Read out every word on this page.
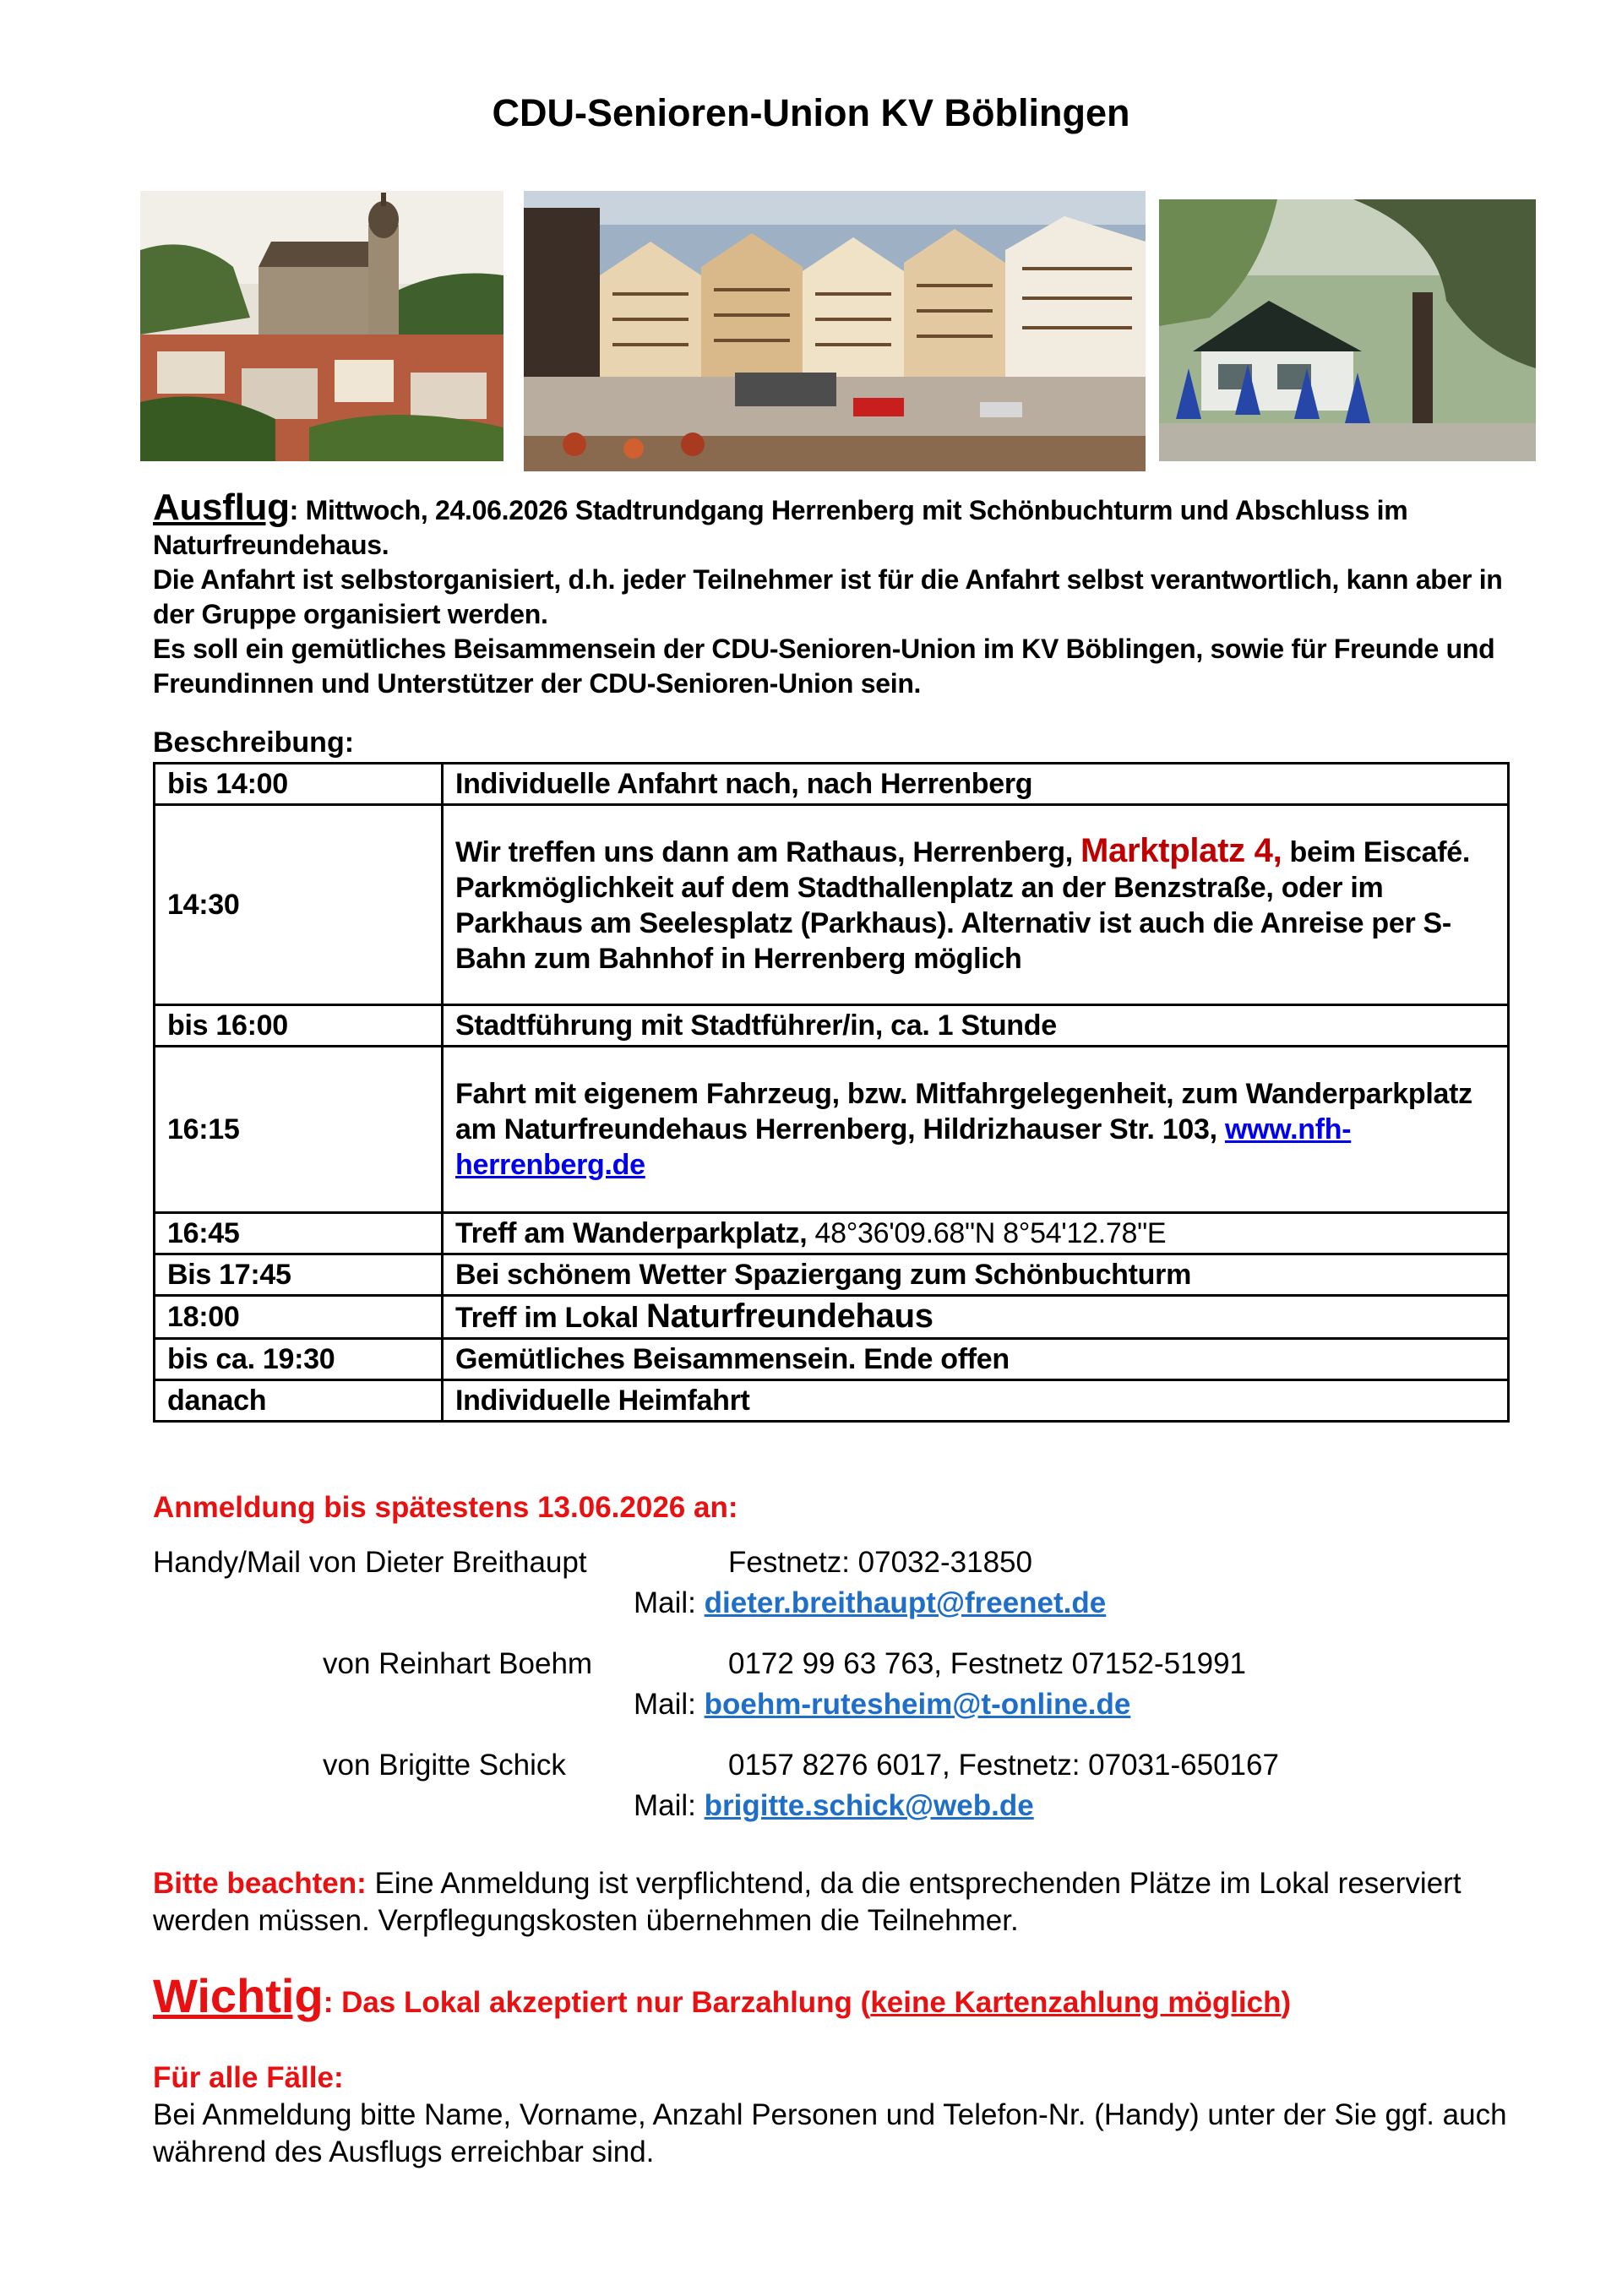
CDU-Senioren-Union KV Böblingen
Ausflug: Mittwoch, 24.06.2026 Stadtrundgang Herrenberg mit Schönbuchturm und Abschluss im Naturfreundehaus.
Die Anfahrt ist selbstorganisiert, d.h. jeder Teilnehmer ist für die Anfahrt selbst verantwortlich, kann aber in der Gruppe organisiert werden.
Es soll ein gemütliches Beisammensein der CDU-Senioren-Union im KV Böblingen, sowie für Freunde und Freundinnen und Unterstützer der CDU-Senioren-Union sein.
Beschreibung:
bis 14:00	Individuelle Anfahrt nach, nach Herrenberg
14:30	Wir treffen uns dann am Rathaus, Herrenberg, Marktplatz 4, beim Eiscafé. Parkmöglichkeit auf dem Stadthallenplatz an der Benzstraße, oder im Parkhaus am Seelesplatz (Parkhaus). Alternativ ist auch die Anreise per S-Bahn zum Bahnhof in Herrenberg möglich
bis 16:00	Stadtführung mit Stadtführer/in, ca. 1 Stunde
16:15	Fahrt mit eigenem Fahrzeug, bzw. Mitfahrgelegenheit, zum Wanderparkplatz am Naturfreundehaus Herrenberg, Hildrizhauser Str. 103, www.nfh-herrenberg.de
16:45	Treff am Wanderparkplatz, 48°36'09.68"N 8°54'12.78"E
Bis 17:45	Bei schönem Wetter Spaziergang zum Schönbuchturm
18:00	Treff im Lokal Naturfreundehaus
bis ca. 19:30	Gemütliches Beisammensein. Ende offen
danach	Individuelle Heimfahrt
Anmeldung bis spätestens 13.06.2026 an:
Handy/Mail von Dieter Breithaupt	Festnetz: 07032-31850
Mail: dieter.breithaupt@freenet.de
von Reinhart Boehm	0172 99 63 763, Festnetz 07152-51991
Mail: boehm-rutesheim@t-online.de
von Brigitte Schick	0157 8276 6017, Festnetz: 07031-650167
Mail: brigitte.schick@web.de
Bitte beachten: Eine Anmeldung ist verpflichtend, da die entsprechenden Plätze im Lokal reserviert werden müssen. Verpflegungskosten übernehmen die Teilnehmer.
Wichtig: Das Lokal akzeptiert nur Barzahlung (keine Kartenzahlung möglich)
Für alle Fälle:
Bei Anmeldung bitte Name, Vorname, Anzahl Personen und Telefon-Nr. (Handy) unter der Sie ggf. auch während des Ausflugs erreichbar sind.
